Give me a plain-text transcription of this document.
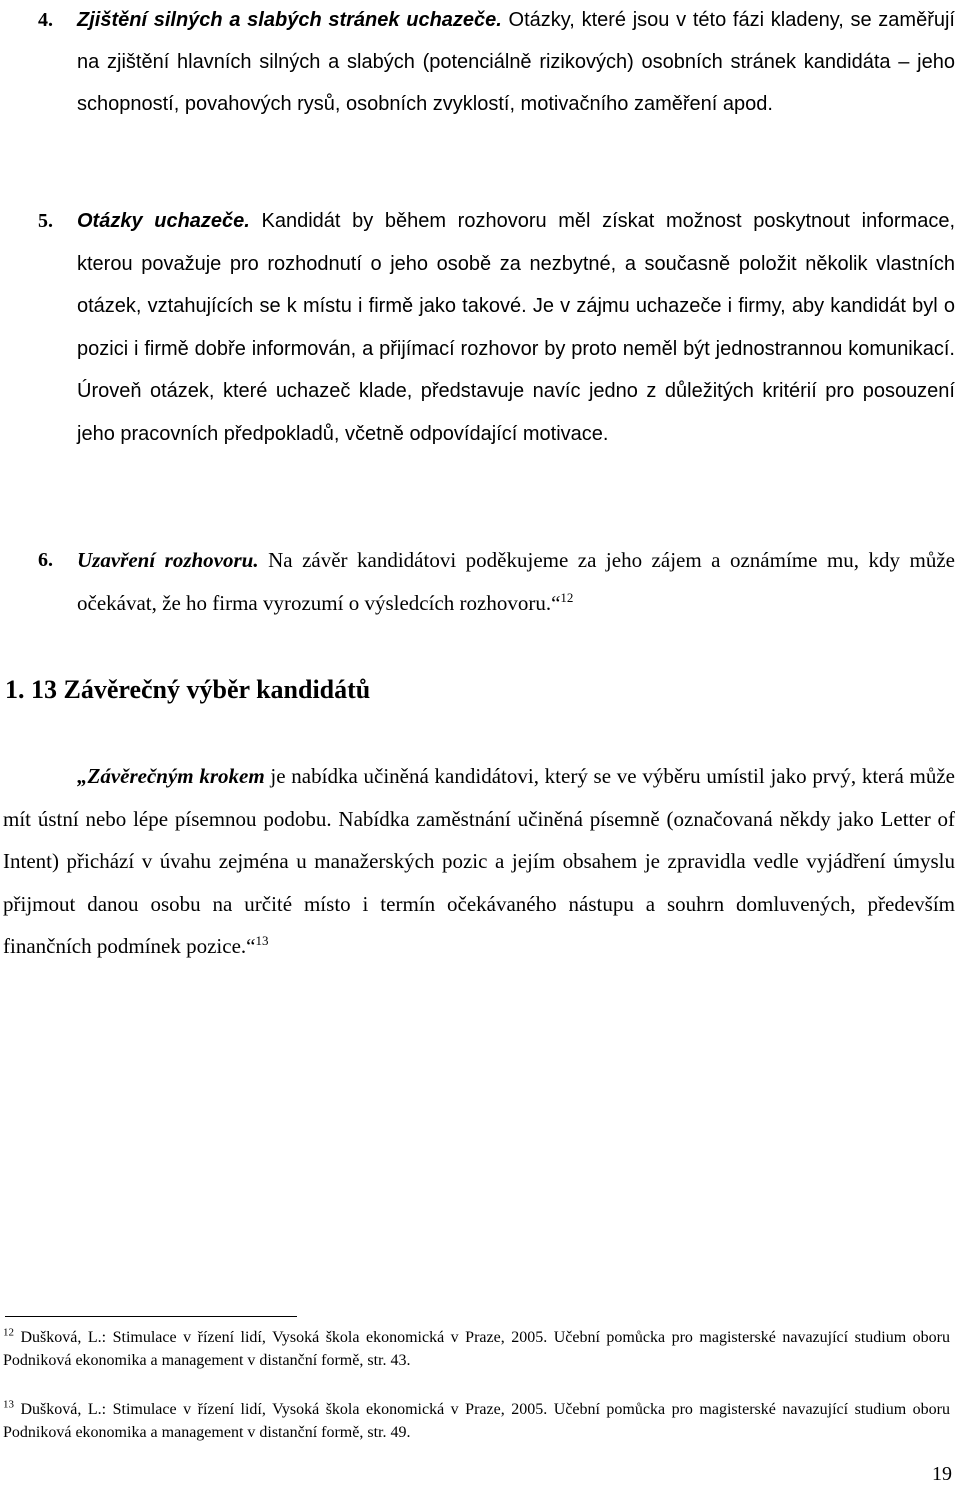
4. Zjištění silných a slabých stránek uchazeče. Otázky, které jsou v této fázi kladeny, se zaměřují na zjištění hlavních silných a slabých (potenciálně rizikových) osobních stránek kandidáta – jeho schopností, povahových rysů, osobních zvyklostí, motivačního zaměření apod.

5. Otázky uchazeče. Kandidát by během rozhovoru měl získat možnost poskytnout informace, kterou považuje pro rozhodnutí o jeho osobě za nezbytné, a současně položit několik vlastních otázek, vztahujících se k místu i firmě jako takové. Je v zájmu uchazeče i firmy, aby kandidát byl o pozici i firmě dobře informován, a přijímací rozhovor by proto neměl být jednostrannou komunikací. Úroveň otázek, které uchazeč klade, představuje navíc jedno z důležitých kritérií pro posouzení jeho pracovních předpokladů, včetně odpovídající motivace.

6. Uzavření rozhovoru. Na závěr kandidátovi poděkujeme za jeho zájem a oznámíme mu, kdy může očekávat, že ho firma vyrozumí o výsledcích rozhovoru.“$^{12}$

1. 13 Závěrečný výběr kandidátů

„Závěrečným krokem je nabídka učiněná kandidátovi, který se ve výběru umístil jako prvý, která může mít ústní nebo lépe písemnou podobu. Nabídka zaměstnání učiněná písemně (označovaná někdy jako Letter of Intent) přichází v úvahu zejména u manažerských pozic a jejím obsahem je zpravidla vedle vyjádření úmyslu přijmout danou osobu na určité místo i termín očekávaného nástupu a souhrn domluvených, především finančních podmínek pozice.“$^{13}$

$^{12}$ Dušková, L.: Stimulace v řízení lidí, Vysoká škola ekonomická v Praze, 2005. Učební pomůcka pro magisterské navazující studium oboru Podniková ekonomika a management v distanční formě, str. 43.

$^{13}$ Dušková, L.: Stimulace v řízení lidí, Vysoká škola ekonomická v Praze, 2005. Učební pomůcka pro magisterské navazující studium oboru Podniková ekonomika a management v distanční formě, str. 49.

19
